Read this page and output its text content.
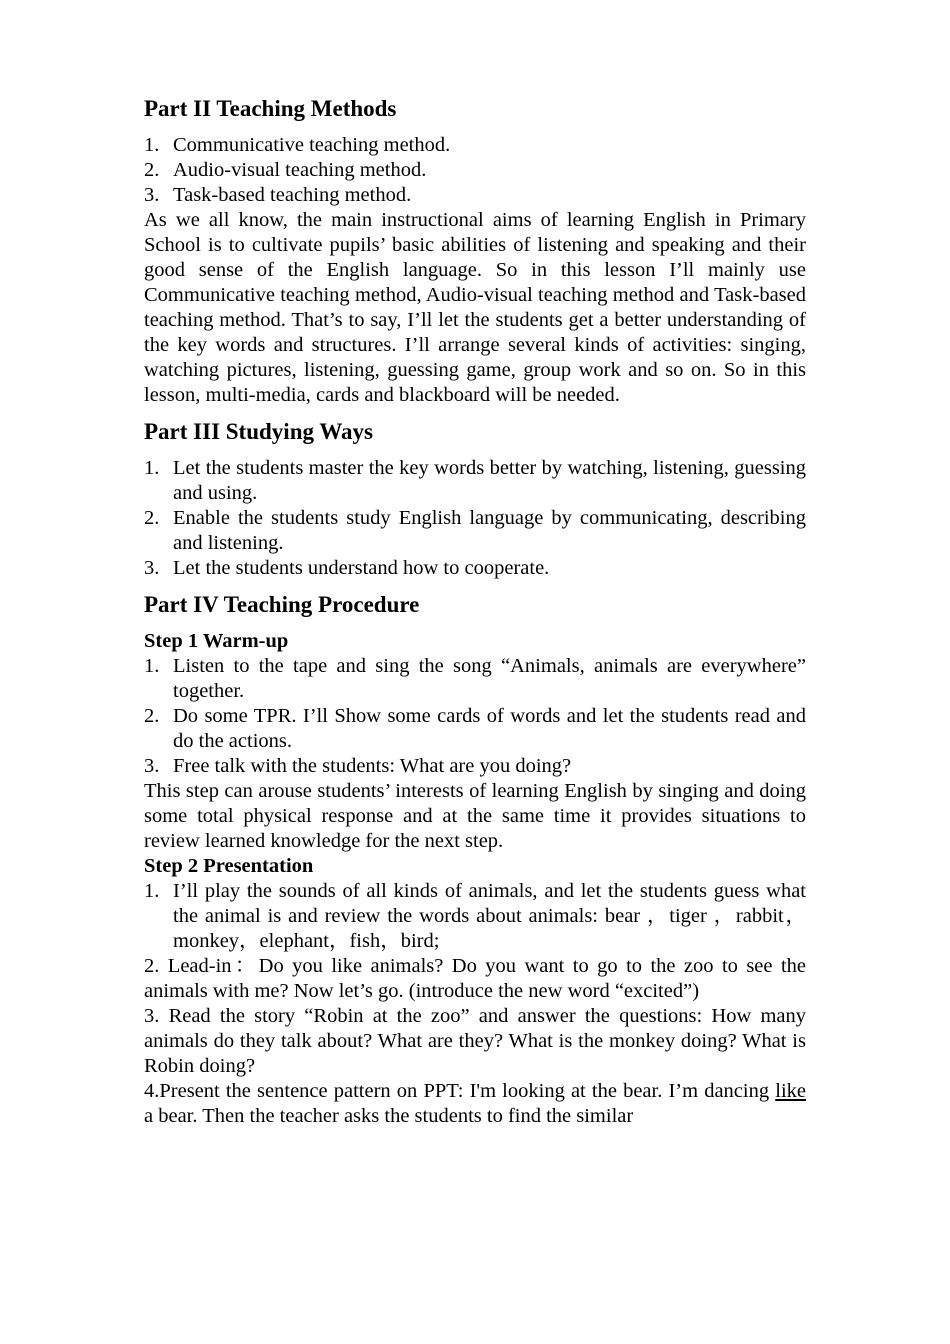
Part II Teaching Methods
1. Communicative teaching method.
2. Audio-visual teaching method.
3. Task-based teaching method.

As we all know, the main instructional aims of learning English in Primary School is to cultivate pupils’ basic abilities of listening and speaking and their good sense of the English language. So in this lesson I’ll mainly use Communicative teaching method, Audio-visual teaching method and Task-based teaching method. That’s to say, I’ll let the students get a better understanding of the key words and structures. I’ll arrange several kinds of activities: singing, watching pictures, listening, guessing game, group work and so on. So in this lesson, multi-media, cards and blackboard will be needed.

Part III Studying Ways
1. Let the students master the key words better by watching, listening, guessing and using.
2. Enable the students study English language by communicating, describing and listening.
3. Let the students understand how to cooperate.
Part IV Teaching Procedure
Step 1 Warm-up
1. Listen to the tape and sing the song “Animals, animals are everywhere” together.
2. Do some TPR. I’ll Show some cards of words and let the students read and do the actions.
3. Free talk with the students: What are you doing?

This step can arouse students’ interests of learning English by singing and doing some total physical response and at the same time it provides situations to review learned knowledge for the next step.

Step 2 Presentation
1. I’ll play the sounds of all kinds of animals, and let the students guess what the animal is and review the words about animals: bear ，tiger ，rabbit，monkey，elephant，fish，bird;

2. Lead-in：Do you like animals? Do you want to go to the zoo to see the animals with me? Now let’s go. (introduce the new word “excited”)

3. Read the story “Robin at the zoo” and answer the questions: How many animals do they talk about? What are they? What is the monkey doing? What is Robin doing?

4.Present the sentence pattern on PPT: I'm looking at the bear. I’m dancing like a bear. Then the teacher asks the students to find the similar
